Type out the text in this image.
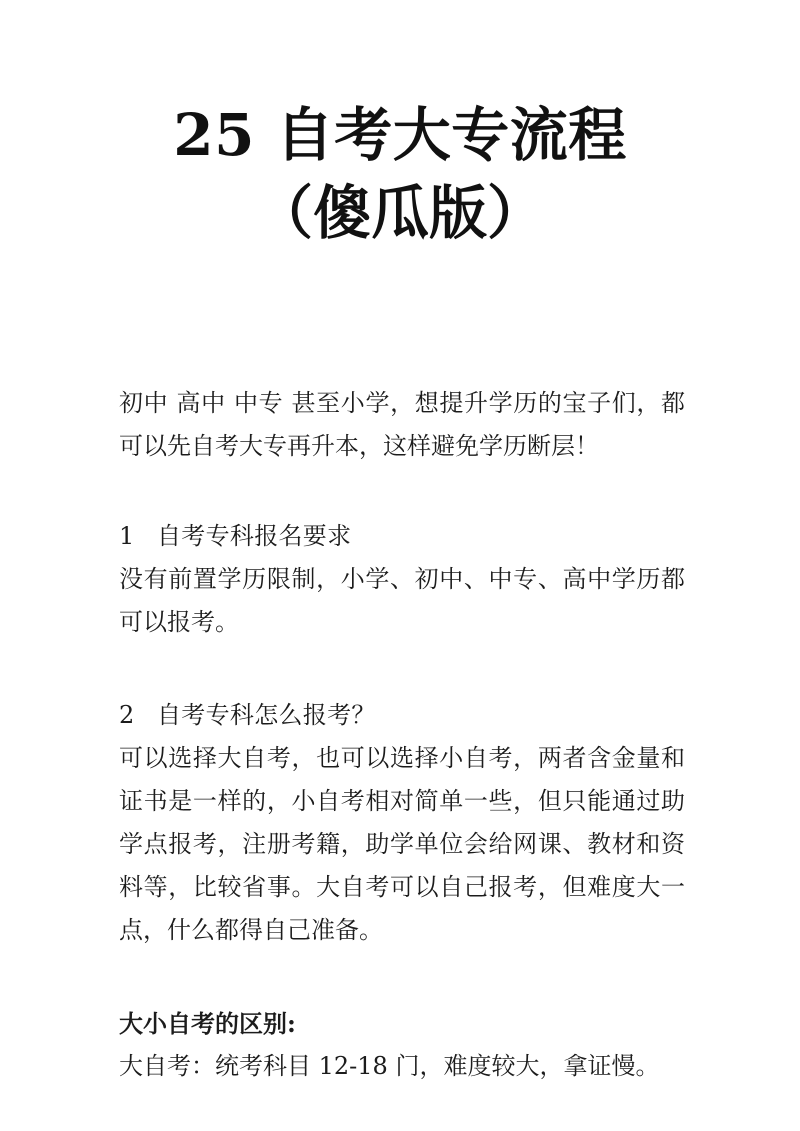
25 自考大专流程
（傻瓜版）

初中 高中 中专 甚至小学，想提升学历的宝子们，都可以先自考大专再升本，这样避免学历断层！

1 自考专科报名要求

没有前置学历限制，小学、初中、中专、高中学历都可以报考。

2 自考专科怎么报考？

可以选择大自考，也可以选择小自考，两者含金量和证书是一样的，小自考相对简单一些，但只能通过助学点报考，注册考籍，助学单位会给网课、教材和资料等，比较省事。大自考可以自己报考，但难度大一点，什么都得自己准备。

大小自考的区别:

大自考：统考科目 12-18 门，难度较大，拿证慢。
